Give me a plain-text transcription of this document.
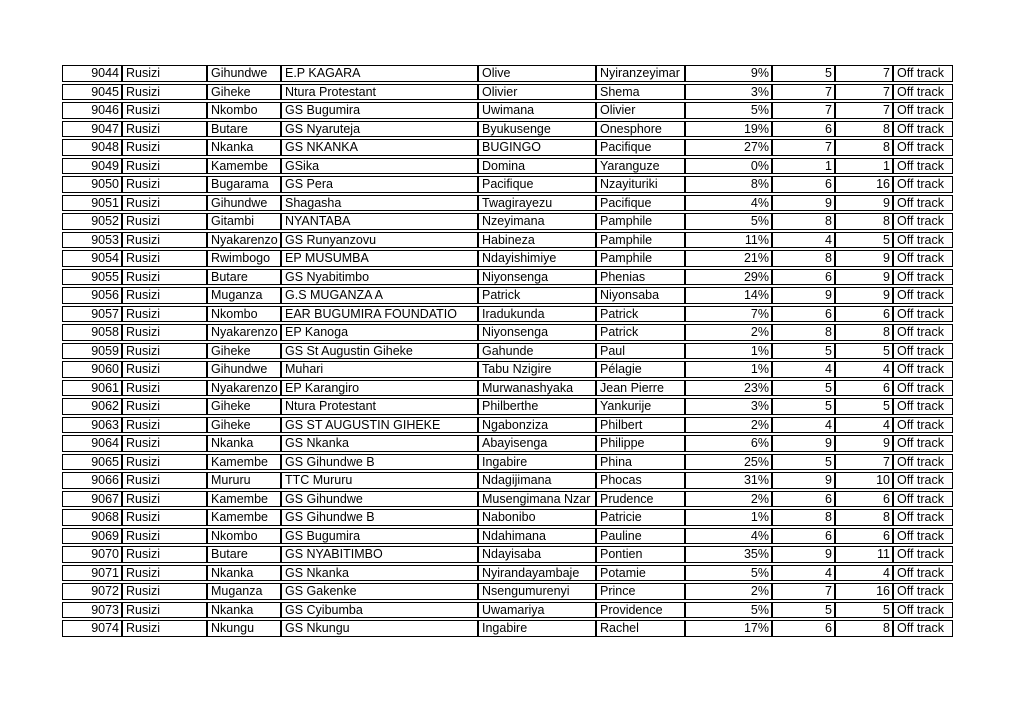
9044	Rusizi	Gihundwe	E.P KAGARA	Olive	Nyiranzeyimar	9%	5	7	Off track
9045	Rusizi	Giheke	Ntura Protestant	Olivier	Shema	3%	7	7	Off track
9046	Rusizi	Nkombo	GS Bugumira	Uwimana	Olivier	5%	7	7	Off track
9047	Rusizi	Butare	GS Nyaruteja	Byukusenge	Onesphore	19%	6	8	Off track
9048	Rusizi	Nkanka	GS NKANKA	BUGINGO	Pacifique	27%	7	8	Off track
9049	Rusizi	Kamembe	GSika	Domina	Yaranguze	0%	1	1	Off track
9050	Rusizi	Bugarama	GS Pera	Pacifique	Nzayituriki	8%	6	16	Off track
9051	Rusizi	Gihundwe	Shagasha	Twagirayezu	Pacifique	4%	9	9	Off track
9052	Rusizi	Gitambi	NYANTABA	Nzeyimana	Pamphile	5%	8	8	Off track
9053	Rusizi	Nyakarenzo	GS Runyanzovu	Habineza	Pamphile	11%	4	5	Off track
9054	Rusizi	Rwimbogo	EP MUSUMBA	Ndayishimiye	Pamphile	21%	8	9	Off track
9055	Rusizi	Butare	GS Nyabitimbo	Niyonsenga	Phenias	29%	6	9	Off track
9056	Rusizi	Muganza	G.S MUGANZA A	Patrick	Niyonsaba	14%	9	9	Off track
9057	Rusizi	Nkombo	EAR BUGUMIRA FOUNDATIO	Iradukunda	Patrick	7%	6	6	Off track
9058	Rusizi	Nyakarenzo	EP Kanoga	Niyonsenga	Patrick	2%	8	8	Off track
9059	Rusizi	Giheke	GS St Augustin Giheke	Gahunde	Paul	1%	5	5	Off track
9060	Rusizi	Gihundwe	Muhari	Tabu Nzigire	Pélagie	1%	4	4	Off track
9061	Rusizi	Nyakarenzo	EP Karangiro	Murwanashyaka	Jean Pierre	23%	5	6	Off track
9062	Rusizi	Giheke	Ntura Protestant	Philberthe	Yankurije	3%	5	5	Off track
9063	Rusizi	Giheke	GS ST AUGUSTIN GIHEKE	Ngabonziza	Philbert	2%	4	4	Off track
9064	Rusizi	Nkanka	GS Nkanka	Abayisenga	Philippe	6%	9	9	Off track
9065	Rusizi	Kamembe	GS Gihundwe B	Ingabire	Phina	25%	5	7	Off track
9066	Rusizi	Mururu	TTC Mururu	Ndagijimana	Phocas	31%	9	10	Off track
9067	Rusizi	Kamembe	GS Gihundwe	Musengimana Nzar	Prudence	2%	6	6	Off track
9068	Rusizi	Kamembe	GS Gihundwe B	Nabonibo	Patricie	1%	8	8	Off track
9069	Rusizi	Nkombo	GS Bugumira	Ndahimana	Pauline	4%	6	6	Off track
9070	Rusizi	Butare	GS NYABITIMBO	Ndayisaba	Pontien	35%	9	11	Off track
9071	Rusizi	Nkanka	GS Nkanka	Nyirandayambaje	Potamie	5%	4	4	Off track
9072	Rusizi	Muganza	GS Gakenke	Nsengumurenyi	Prince	2%	7	16	Off track
9073	Rusizi	Nkanka	GS Cyibumba	Uwamariya	Providence	5%	5	5	Off track
9074	Rusizi	Nkungu	GS Nkungu	Ingabire	Rachel	17%	6	8	Off track
